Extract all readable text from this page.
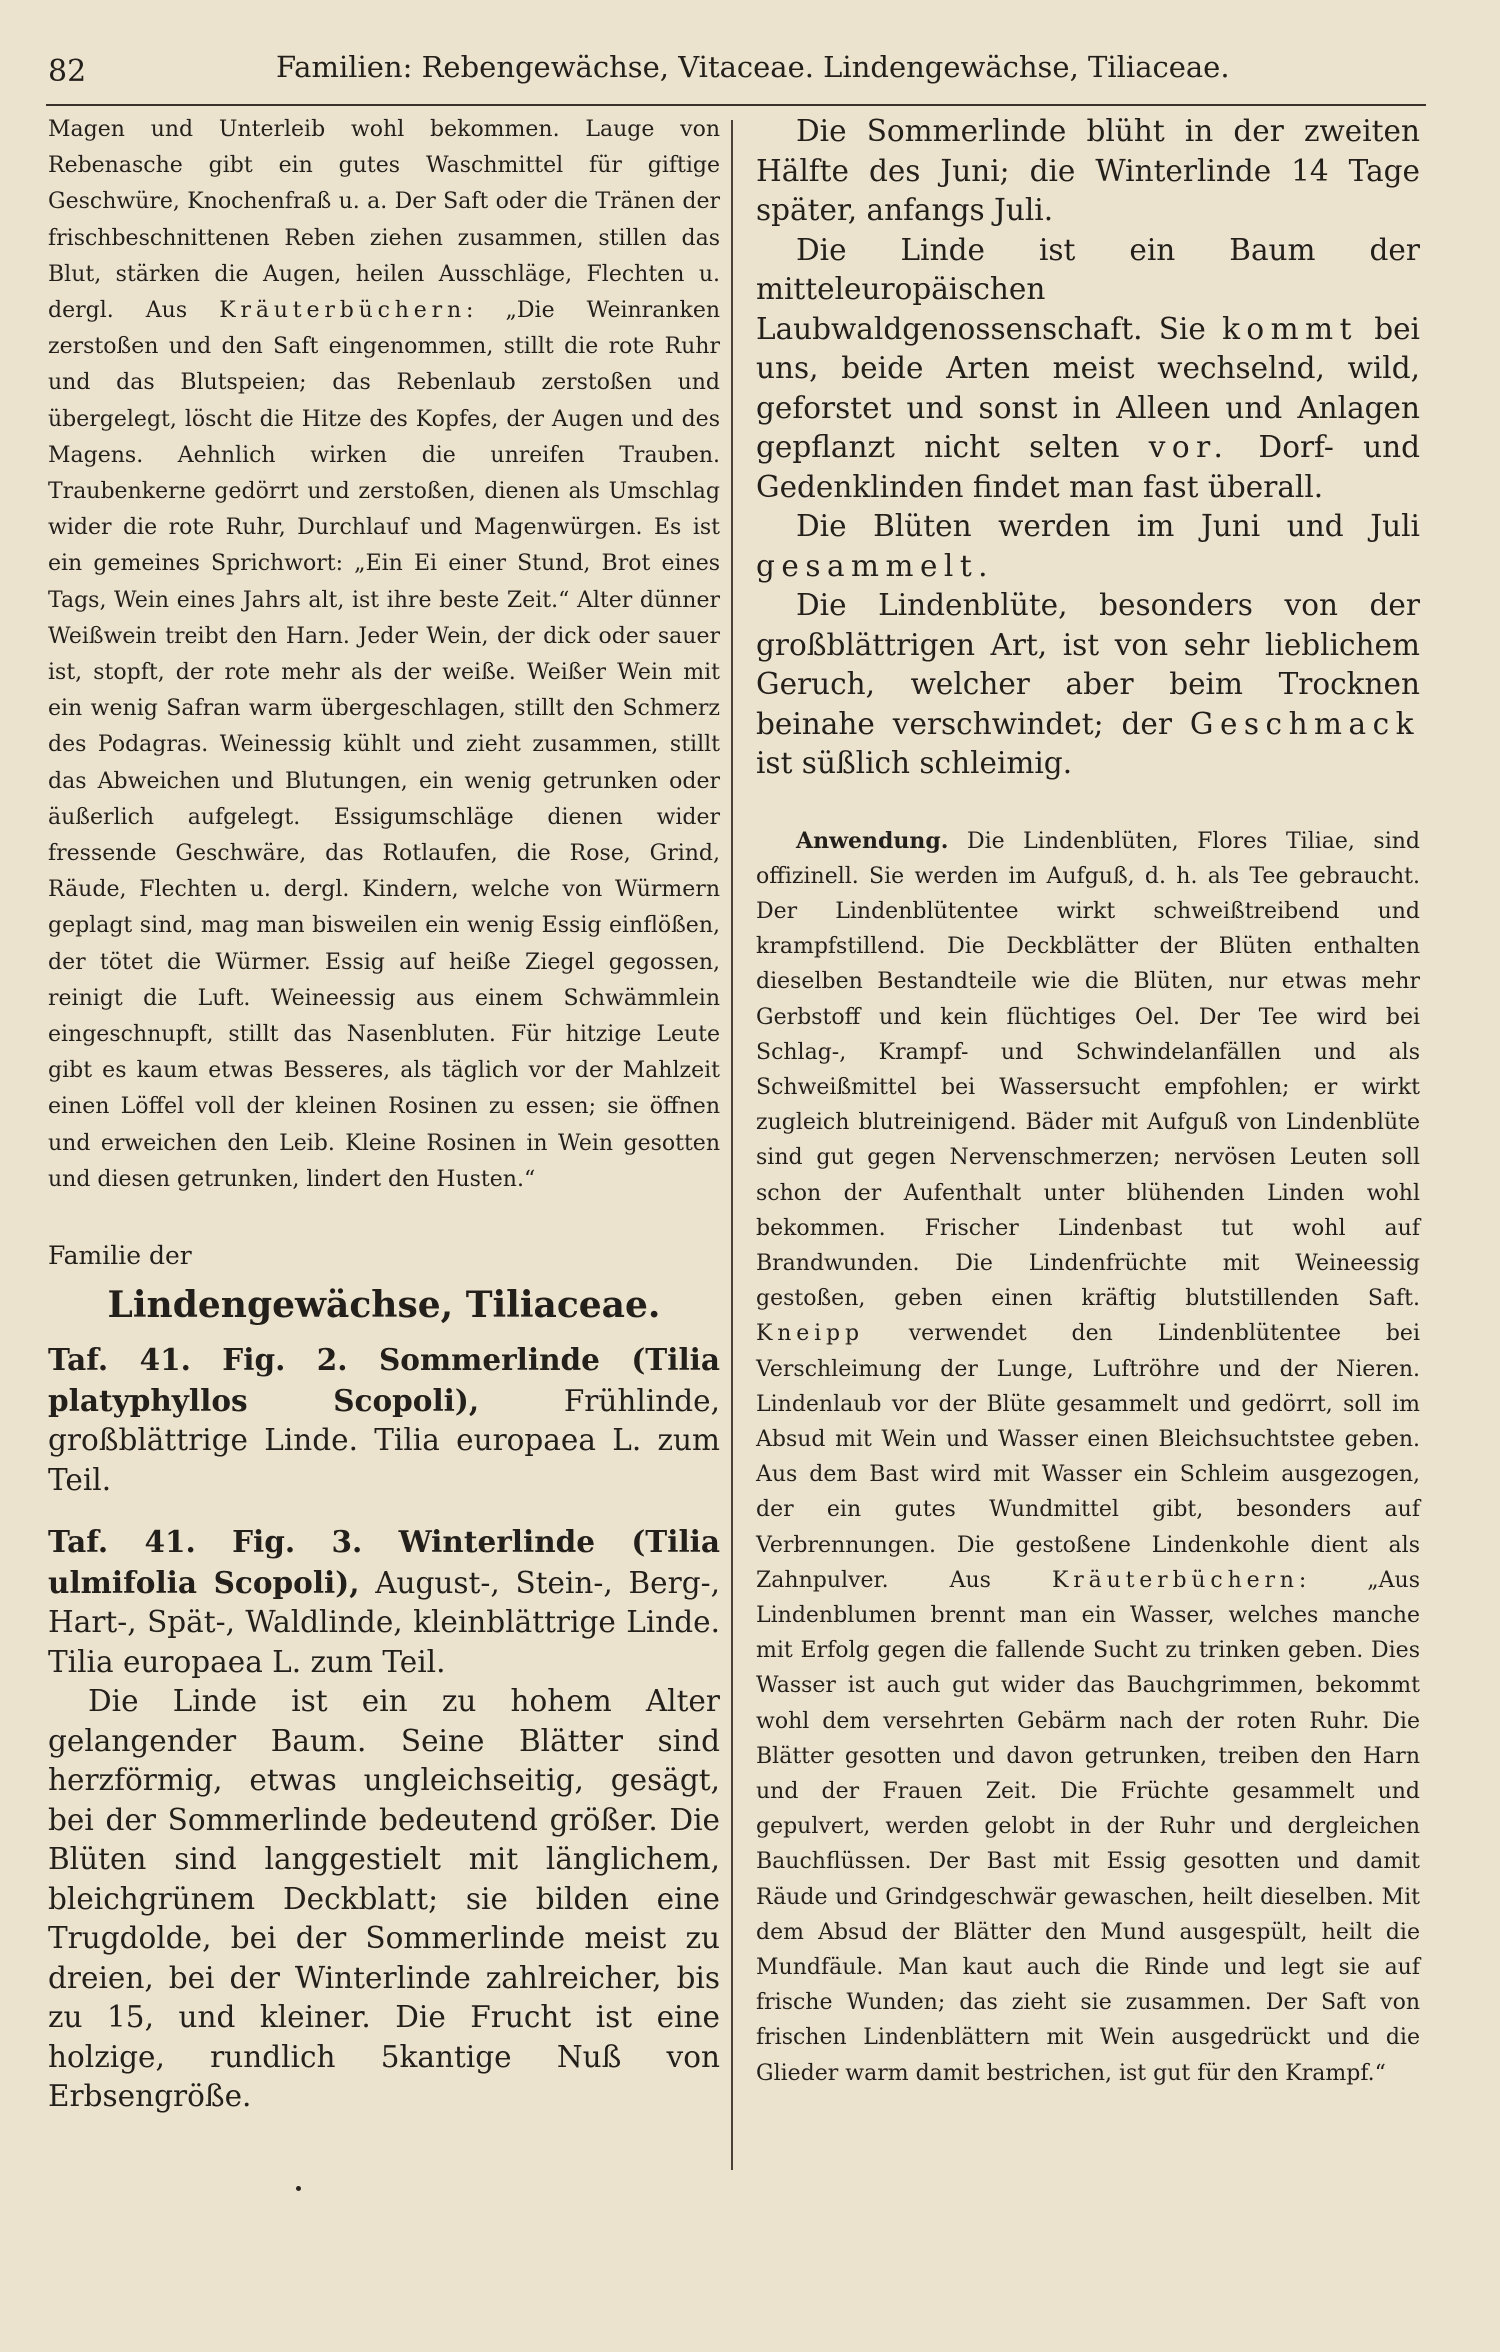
82	Familien: Rebengewächse, Vitaceae. Lindengewächse, Tiliaceae.

Magen und Unterleib wohl bekommen. Lauge von Rebenasche gibt ein gutes Waschmittel für giftige Geschwüre, Knochenfraß u. a. Der Saft oder die Tränen der frischbeschnittenen Reben ziehen zusammen, stillen das Blut, stärken die Augen, heilen Ausschläge, Flechten u. dergl. Aus Kräuterbüchern: „Die Weinranken zerstoßen und den Saft eingenommen, stillt die rote Ruhr und das Blutspeien; das Rebenlaub zerstoßen und übergelegt, löscht die Hitze des Kopfes, der Augen und des Magens. Aehnlich wirken die unreifen Trauben. Traubenkerne gedörrt und zerstoßen, dienen als Umschlag wider die rote Ruhr, Durchlauf und Magenwürgen. Es ist ein gemeines Sprichwort: „Ein Ei einer Stund, Brot eines Tags, Wein eines Jahrs alt, ist ihre beste Zeit.“ Alter dünner Weißwein treibt den Harn. Jeder Wein, der dick oder sauer ist, stopft, der rote mehr als der weiße. Weißer Wein mit ein wenig Safran warm übergeschlagen, stillt den Schmerz des Podagras. Weinessig kühlt und zieht zusammen, stillt das Abweichen und Blutungen, ein wenig getrunken oder äußerlich aufgelegt. Essigumschläge dienen wider fressende Geschwäre, das Rotlaufen, die Rose, Grind, Räude, Flechten u. dergl. Kindern, welche von Würmern geplagt sind, mag man bisweilen ein wenig Essig einflößen, der tötet die Würmer. Essig auf heiße Ziegel gegossen, reinigt die Luft. Weineessig aus einem Schwämmlein eingeschnupft, stillt das Nasenbluten. Für hitzige Leute gibt es kaum etwas Besseres, als täglich vor der Mahlzeit einen Löffel voll der kleinen Rosinen zu essen; sie öffnen und erweichen den Leib. Kleine Rosinen in Wein gesotten und diesen getrunken, lindert den Husten.“

Familie der
Lindengewächse, Tiliaceae.

Taf. 41. Fig. 2. Sommerlinde (Tilia platyphyllos Scopoli),	Frühlinde, großblättrige Linde. Tilia europaea L. zum Teil.

Taf. 41. Fig. 3. Winterlinde (Tilia ulmifolia Scopoli), August-, Stein-, Berg-, Hart-, Spät-, Waldlinde, kleinblättrige Linde. Tilia europaea L. zum Teil.

Die Linde ist ein zu hohem Alter gelangender Baum. Seine Blätter sind herzförmig, etwas ungleichseitig, gesägt, bei der Sommerlinde bedeutend größer. Die Blüten sind langgestielt mit länglichem, bleichgrünem Deckblatt; sie bilden eine Trugdolde, bei der Sommerlinde meist zu dreien, bei der Winterlinde zahlreicher, bis zu 15, und kleiner. Die Frucht ist eine holzige, rundlich 5kantige Nuß von Erbsengröße.

Die Sommerlinde blüht in der zweiten Hälfte des Juni; die Winterlinde 14 Tage später, anfangs Juli.

Die Linde ist ein Baum der mitteleuropäischen Laubwaldgenossenschaft. Sie kommt bei uns, beide Arten meist wechselnd, wild, geforstet und sonst in Alleen und Anlagen gepflanzt nicht selten vor. Dorf- und Gedenklinden findet man fast überall.

Die Blüten werden im Juni und Juli gesammelt.

Die Lindenblüte, besonders von der großblättrigen Art, ist von sehr lieblichem Geruch, welcher aber beim Trocknen beinahe verschwindet; der Geschmack ist süßlich schleimig.

Anwendung. Die Lindenblüten, Flores Tiliae, sind offizinell. Sie werden im Aufguß, d. h. als Tee gebraucht. Der Lindenblütentee wirkt schweißtreibend und krampfstillend. Die Deckblätter der Blüten enthalten dieselben Bestandteile wie die Blüten, nur etwas mehr Gerbstoff und kein flüchtiges Oel. Der Tee wird bei Schlag-, Krampf- und Schwindelanfällen und als Schweißmittel bei Wassersucht empfohlen; er wirkt zugleich blutreinigend. Bäder mit Aufguß von Lindenblüte sind gut gegen Nervenschmerzen; nervösen Leuten soll schon der Aufenthalt unter blühenden Linden wohl bekommen. Frischer Lindenbast tut wohl auf Brandwunden. Die Lindenfrüchte mit Weineessig gestoßen, geben einen kräftig blutstillenden Saft. Kneipp verwendet den Lindenblütentee bei Verschleimung der Lunge, Luftröhre und der Nieren. Lindenlaub vor der Blüte gesammelt und gedörrt, soll im Absud mit Wein und Wasser einen Bleichsuchtstee geben. Aus dem Bast wird mit Wasser ein Schleim ausgezogen, der ein gutes Wundmittel gibt, besonders auf Verbrennungen. Die gestoßene Lindenkohle dient als Zahnpulver. Aus	Kräuterbüchern: „Aus Lindenblumen brennt man ein Wasser, welches manche mit Erfolg gegen die fallende Sucht zu trinken geben. Dies Wasser ist auch gut wider das Bauchgrimmen, bekommt wohl dem versehrten Gebärm nach der roten Ruhr. Die Blätter gesotten und davon getrunken, treiben den Harn und der Frauen Zeit. Die Früchte gesammelt und gepulvert, werden gelobt in der Ruhr und dergleichen Bauchflüssen. Der Bast mit Essig gesotten und damit Räude und Grindgeschwär gewaschen, heilt dieselben. Mit dem Absud der Blätter den Mund ausgespült, heilt die Mundfäule. Man kaut auch die Rinde und legt sie auf frische Wunden; das zieht sie zusammen. Der Saft von frischen Lindenblättern mit Wein ausgedrückt und die Glieder warm damit bestrichen, ist gut für den Krampf.“
